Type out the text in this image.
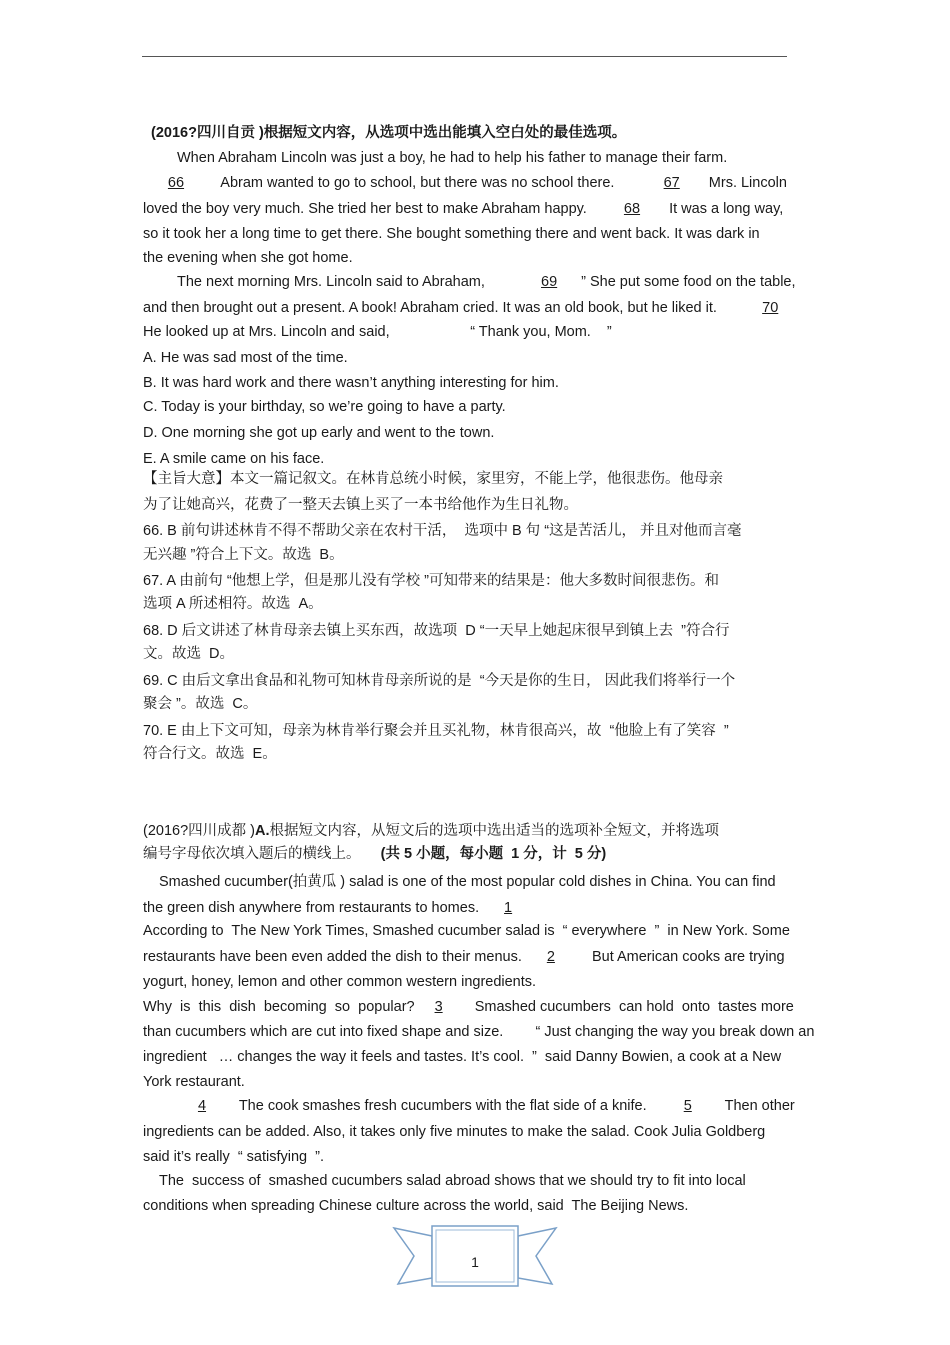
(2016?四川自贡 )根据短文内容，从选项中选出能填入空白处的最佳选项。
When Abraham Lincoln was just a boy, he had to help his father to manage their farm.
66 Abram wanted to go to school, but there was no school there.	67 Mrs. Lincoln
loved the boy very much. She tried her best to make Abraham happy.	68 It was a long way,
so it took her a long time to get there. She bought something there and went back. It was dark in
the evening when she got home.
The next morning Mrs. Lincoln said to Abraham,	69 ” She put some food on the table,
and then brought out a present. A book! Abraham cried. It was an old book, but he liked it.	70
He looked up at Mrs. Lincoln and said,                    “ Thank you, Mom.    ”
A. He was sad most of the time.
B. It was hard work and there wasn’t anything interesting for him.
C. Today is your birthday, so we’re going to have a party.
D. One morning she got up early and went to the town.
E. A smile came on his face.
【主旨大意】本文一篇记叙文。在林肯总统小时候，家里穷，不能上学，他很悲伤。他母亲
为了让她高兴，花费了一整天去镇上买了一本书给他作为生日礼物。
66. B 前句讲述林肯不得不帮助父亲在农村干活，  选项中 B 句 “这是苦活儿， 并且对他而言毫
无兴趣 ”符合上下文。故选  B。
67. A 由前句 “他想上学，但是那儿没有学校 ”可知带来的结果是：他大多数时间很悲伤。和
选项 A 所述相符。故选  A。
68. D 后文讲述了林肯母亲去镇上买东西，故选项  D “一天早上她起床很早到镇上去  ”符合行
文。故选  D。
69. C 由后文拿出食品和礼物可知林肯母亲所说的是  “今天是你的生日， 因此我们将举行一个
聚会 ”。故选  C。
70. E 由上下文可知，母亲为林肯举行聚会并且买礼物，林肯很高兴，故  “他脸上有了笑容  ”
符合行文。故选  E。
(2016?四川成都 )A.根据短文内容，从短文后的选项中选出适当的选项补全短文，并将选项
编号字母依次填入题后的横线上。     (共 5 小题，每小题  1 分，计  5 分)
Smashed cucumber(拍黄瓜 ) salad is one of the most popular cold dishes in China. You can find
the green dish anywhere from restaurants to homes. 1
According to  The New York Times, Smashed cucumber salad is  “ everywhere  ”  in New York. Some
restaurants have been even added the dish to their menus. 2	But American cooks are trying
yogurt, honey, lemon and other common western ingredients.
Why  is  this  dish  becoming  so  popular? 3 Smashed cucumbers  can hold  onto  tastes more
than cucumbers which are cut into fixed shape and size.        “ Just changing the way you break down an
ingredient   … changes the way it feels and tastes. It’s cool.  ”  said Danny Bowien, a cook at a New
York restaurant.
4 The cook smashes fresh cucumbers with the flat side of a knife.	5 Then other
ingredients can be added. Also, it takes only five minutes to make the salad. Cook Julia Goldberg
said it’s really  “ satisfying  ”.
The  success of  smashed cucumbers salad abroad shows that we should try to fit into local
conditions when spreading Chinese culture across the world, said  The Beijing News.
1
